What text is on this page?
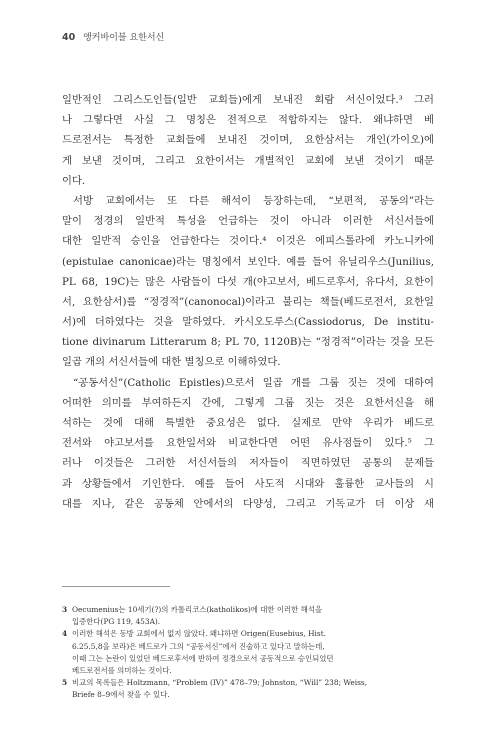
40 앵커바이블 요한서신
일반적인 그리스도인들(일반 교회들)에게 보내진 회람 서신이었다.³ 그러
나 그렇다면 사실 그 명칭은 전적으로 적합하지는 않다. 왜냐하면 베
드로전서는 특정한 교회들에 보내진 것이며, 요한삼서는 개인(가이오)에
게 보낸 것이며, 그리고 요한이서는 개별적인 교회에 보낸 것이기 때문
이다.
서방 교회에서는 또 다른 해석이 등장하는데, “보편적, 공동의”라는
말이 정경의 일반적 특성을 언급하는 것이 아니라 이러한 서신서들에
대한 일반적 승인을 언급한다는 것이다.⁴ 이것은 에피스톨라에 카노니카에
(epistulae canonicae)라는 명칭에서 보인다. 예를 들어 유닐리우스(Junilius,
PL 68, 19C)는 많은 사람들이 다섯 개(야고보서, 베드로후서, 유다서, 요한이
서, 요한삼서)를 “정경적”(canonocal)이라고 불리는 책들(베드로전서, 요한일
서)에 더하였다는 것을 말하였다. 카시오도루스(Cassiodorus, De institu-
tione divinarum Litterarum 8; PL 70, 1120B)는 “정경적”이라는 것을 모든
일곱 개의 서신서들에 대한 별칭으로 이해하였다.
“공동서신”(Catholic Epistles)으로서 일곱 개를 그룹 짓는 것에 대하여
어떠한 의미를 부여하든지 간에, 그렇게 그룹 짓는 것은 요한서신을 해
석하는 것에 대해 특별한 중요성은 없다. 실제로 만약 우리가 베드로
전서와 야고보서를 요한일서와 비교한다면 어떤 유사점들이 있다.⁵ 그
러나 이것들은 그러한 서신서들의 저자들이 직면하였던 공통의 문제들
과 상황들에서 기인한다. 예를 들어 사도적 시대와 훌륭한 교사들의 시
대를 지나, 같은 공동체 안에서의 다양성, 그리고 기독교가 더 이상 새
3 Oecumenius는 10세기(?)의 카톨리코스(katholikos)에 대한 이러한 해석을
입증한다(PG 119, 453A).
4 이러한 해석은 동방 교회에서 없지 않았다. 왜냐하면 Origen(Eusebius, Hist.
6.25.5,8을 보라)은 베드로가 그의 “공동서신”에서 진술하고 있다고 말하는데,
이때 그는 논란이 있었던 베드로후서에 반하여 정경으로서 공동적으로 승인되었던
베드로전서를 의미하는 것이다.
5 비교의 목록들은 Holtzmann, “Problem (IV)” 478–79; Johnston, “Will” 238; Weiss,
Briefe 8–9에서 찾을 수 있다.
